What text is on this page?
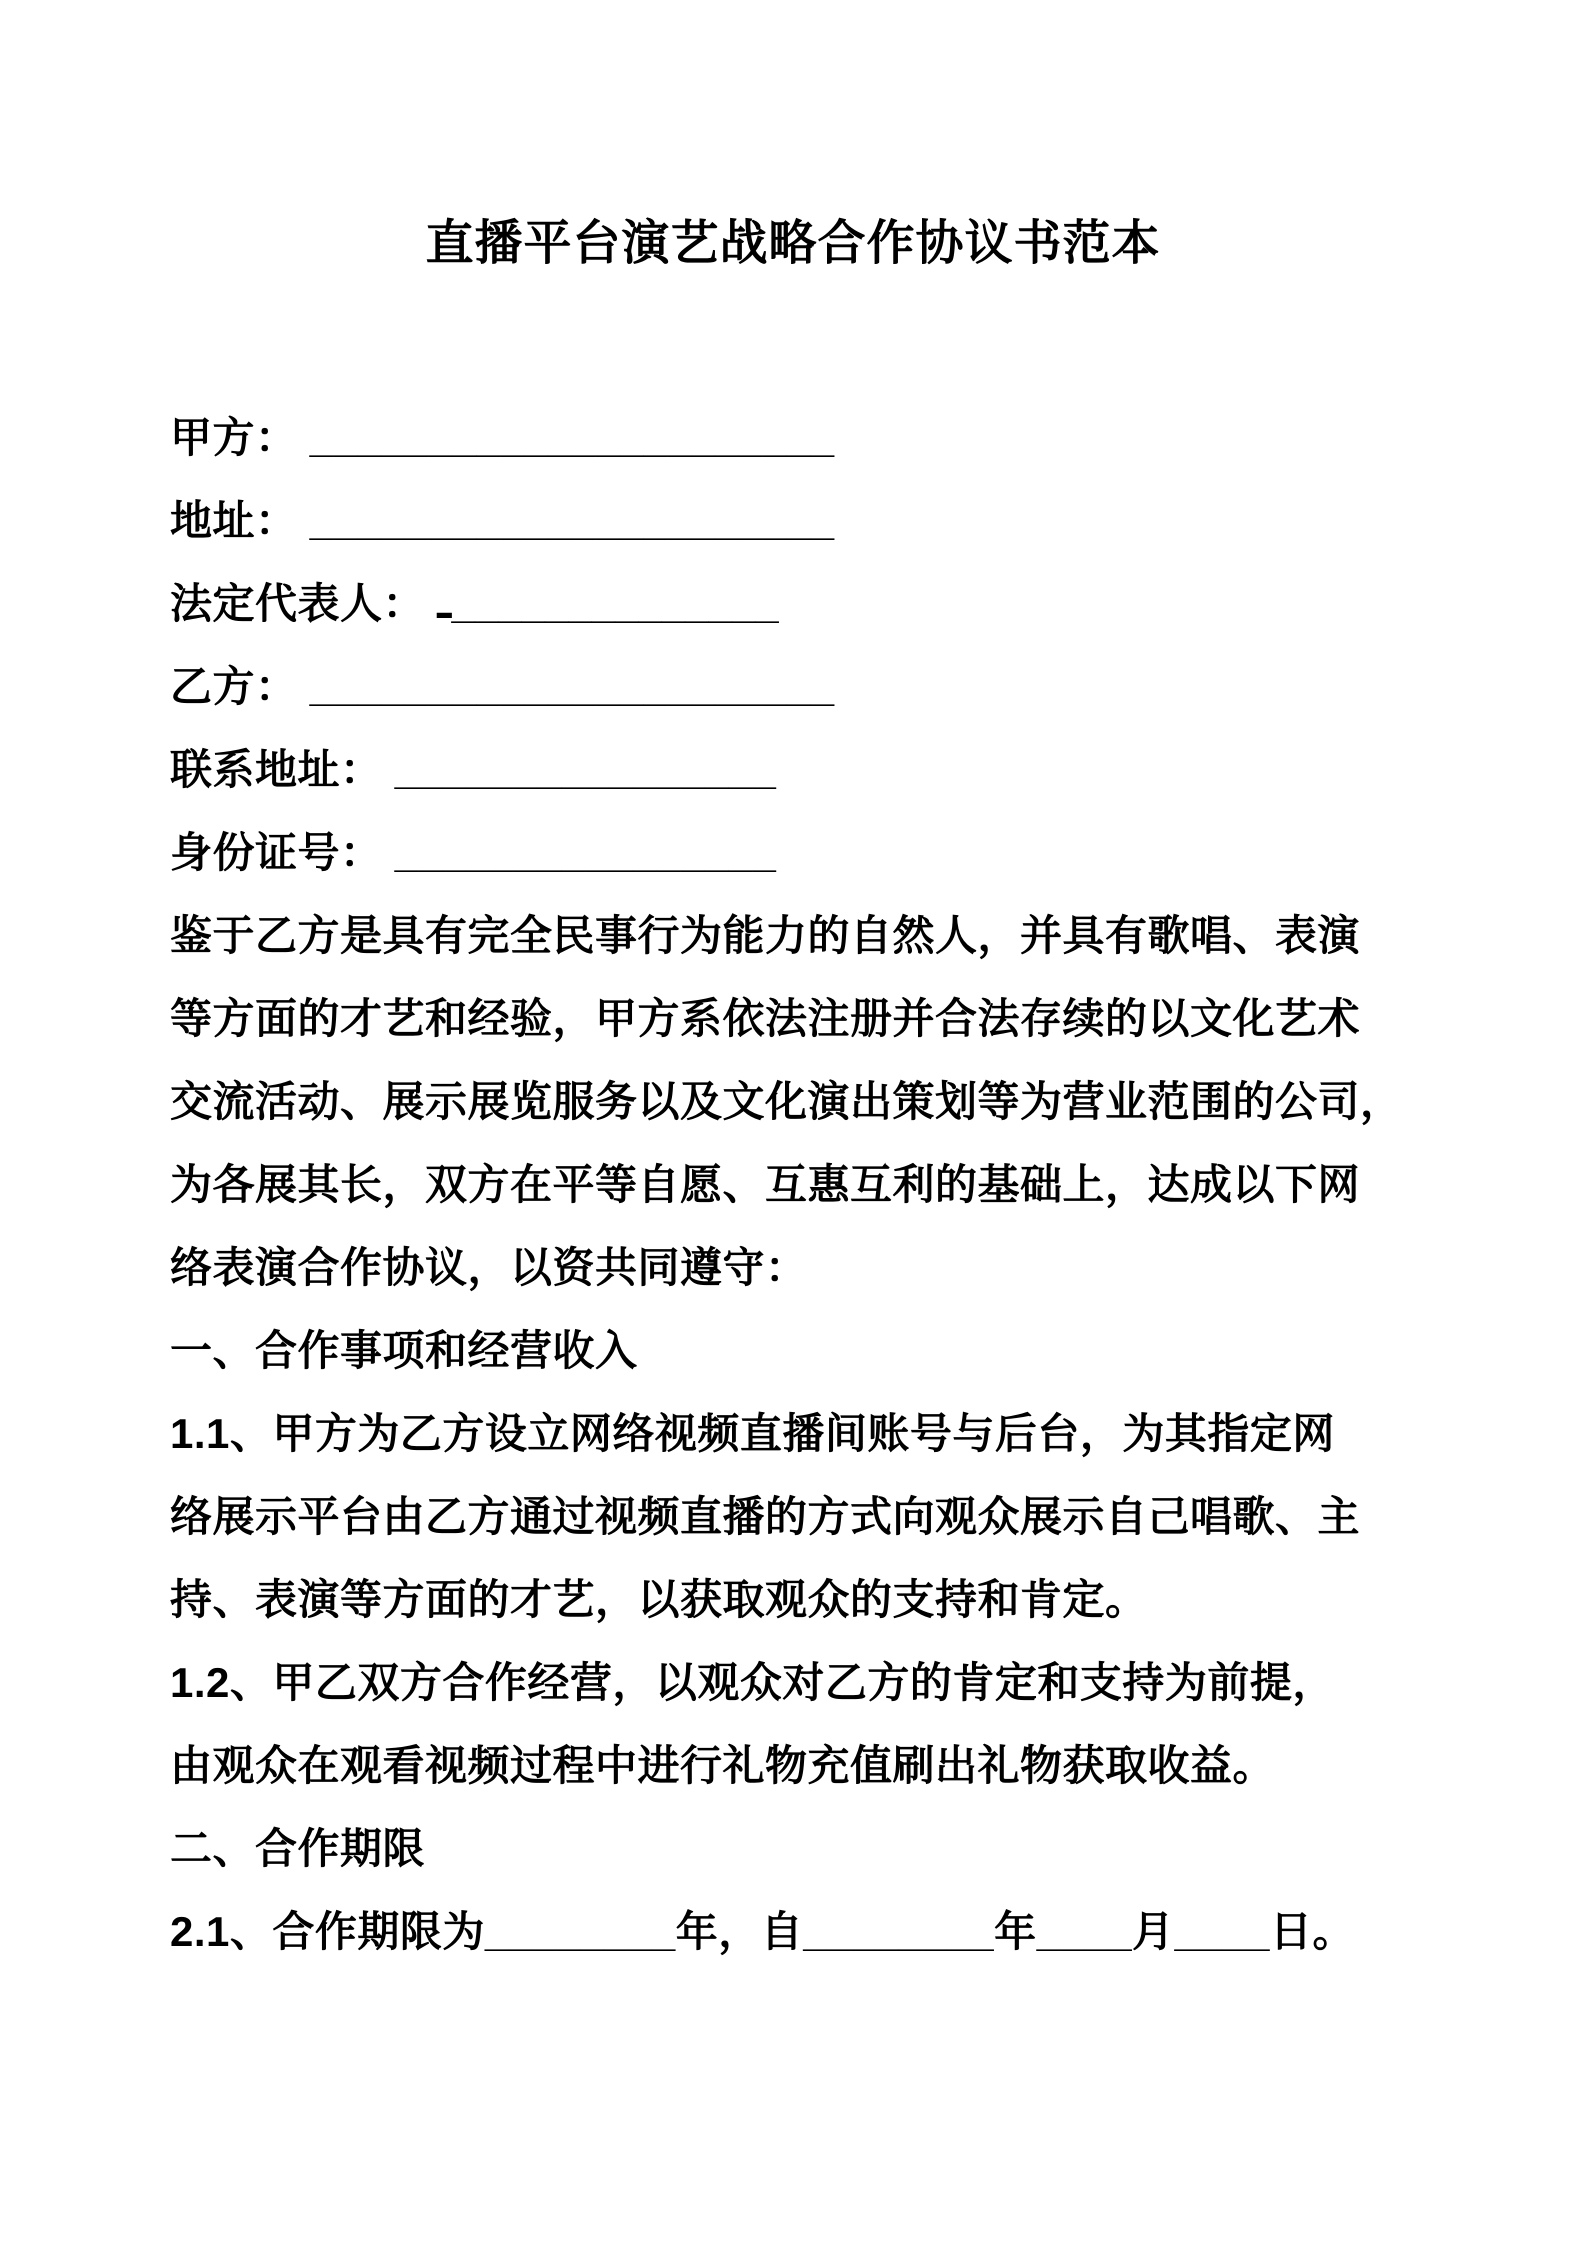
直播平台演艺战略合作协议书范本
甲方： ______________________
地址： ______________________
法定代表人： ـ______________
乙方： ______________________
联系地址： ________________
身份证号： ________________
鉴于乙方是具有完全民事行为能力的自然人，并具有歌唱、表演
等方面的才艺和经验，甲方系依法注册并合法存续的以文化艺术
交流活动、展示展览服务以及文化演出策划等为营业范围的公司，
为各展其长，双方在平等自愿、互惠互利的基础上，达成以下网
络表演合作协议，以资共同遵守：
一、合作事项和经营收入
1.1、甲方为乙方设立网络视频直播间账号与后台，为其指定网
络展示平台由乙方通过视频直播的方式向观众展示自己唱歌、主
持、表演等方面的才艺，以获取观众的支持和肯定。
1.2、甲乙双方合作经营，以观众对乙方的肯定和支持为前提，
由观众在观看视频过程中进行礼物充值刷出礼物获取收益。
二、合作期限
2.1、合作期限为________年，自________年____月____日。
